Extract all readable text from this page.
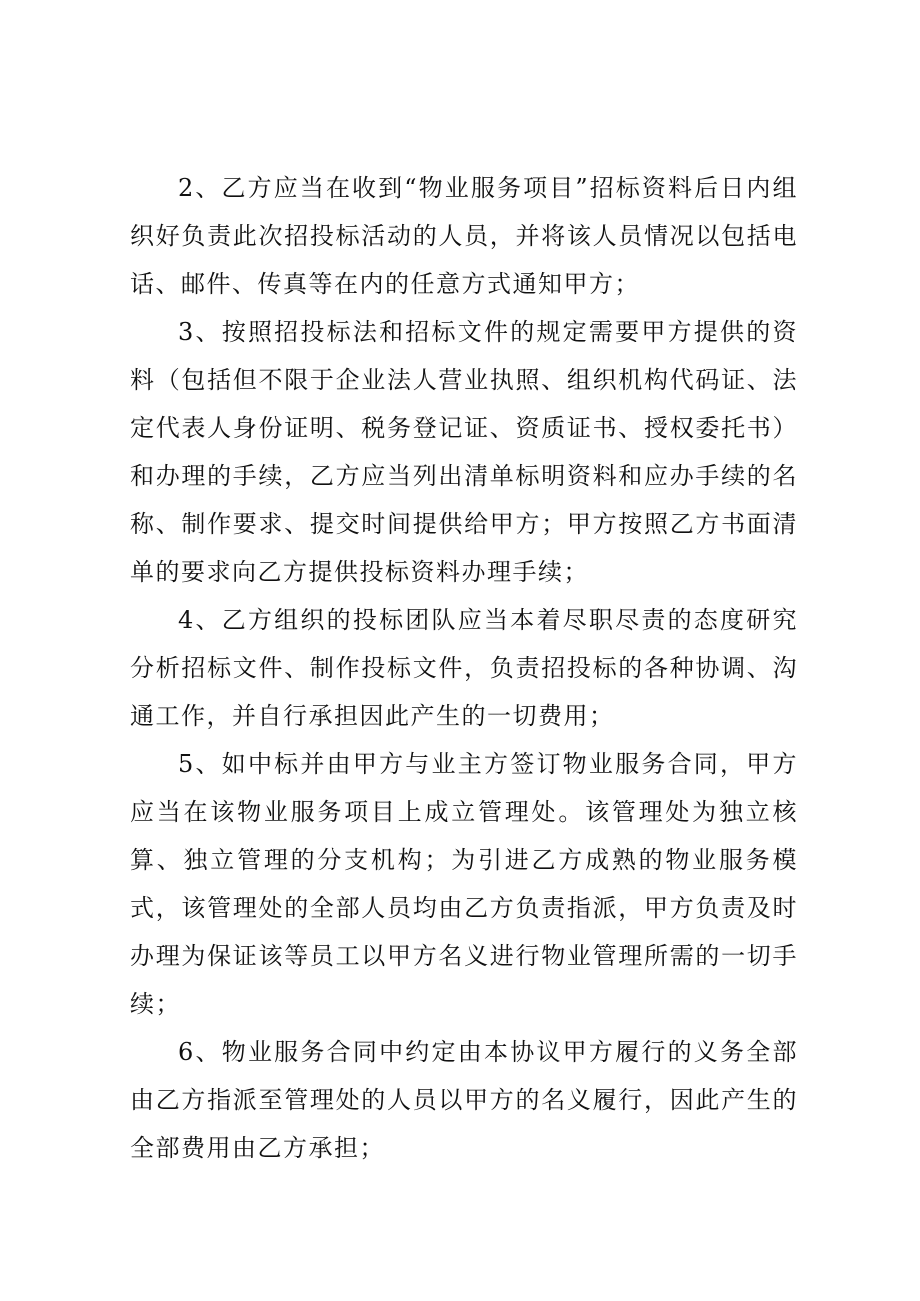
2、乙方应当在收到“物业服务项目”招标资料后日内组织好负责此次招投标活动的人员，并将该人员情况以包括电话、邮件、传真等在内的任意方式通知甲方；

3、按照招投标法和招标文件的规定需要甲方提供的资料（包括但不限于企业法人营业执照、组织机构代码证、法定代表人身份证明、税务登记证、资质证书、授权委托书）和办理的手续，乙方应当列出清单标明资料和应办手续的名称、制作要求、提交时间提供给甲方；甲方按照乙方书面清单的要求向乙方提供投标资料办理手续；

4、乙方组织的投标团队应当本着尽职尽责的态度研究分析招标文件、制作投标文件，负责招投标的各种协调、沟通工作，并自行承担因此产生的一切费用；

5、如中标并由甲方与业主方签订物业服务合同，甲方应当在该物业服务项目上成立管理处。该管理处为独立核算、独立管理的分支机构；为引进乙方成熟的物业服务模式，该管理处的全部人员均由乙方负责指派，甲方负责及时办理为保证该等员工以甲方名义进行物业管理所需的一切手续；

6、物业服务合同中约定由本协议甲方履行的义务全部由乙方指派至管理处的人员以甲方的名义履行，因此产生的全部费用由乙方承担；
